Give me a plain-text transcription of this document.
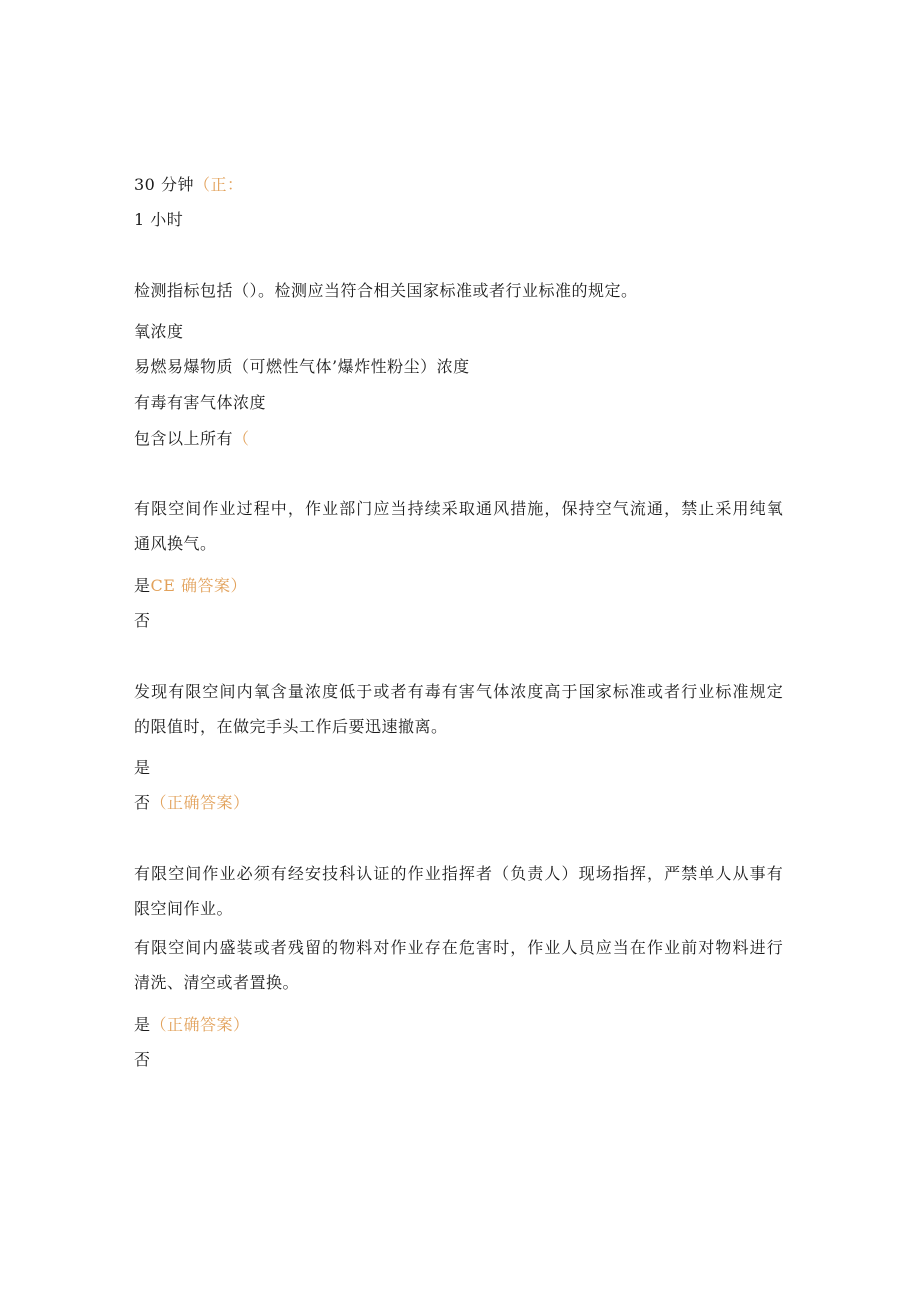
30 分钟（正：
1 小时
检测指标包括（）。检测应当符合相关国家标准或者行业标准的规定。
氧浓度
易燃易爆物质（可燃性气体’爆炸性粉尘）浓度
有毒有害气体浓度
包含以上所有（
有限空间作业过程中，作业部门应当持续采取通风措施，保持空气流通，禁止采用纯氧
通风换气。
是CE 确答案）
否
发现有限空间内氧含量浓度低于或者有毒有害气体浓度高于国家标准或者行业标准规定
的限值时，在做完手头工作后要迅速撤离。
是
否（正确答案）
有限空间作业必须有经安技科认证的作业指挥者（负责人）现场指挥，严禁单人从事有
限空间作业。
有限空间内盛装或者残留的物料对作业存在危害时，作业人员应当在作业前对物料进行
清洗、清空或者置换。
是（正确答案）
否
